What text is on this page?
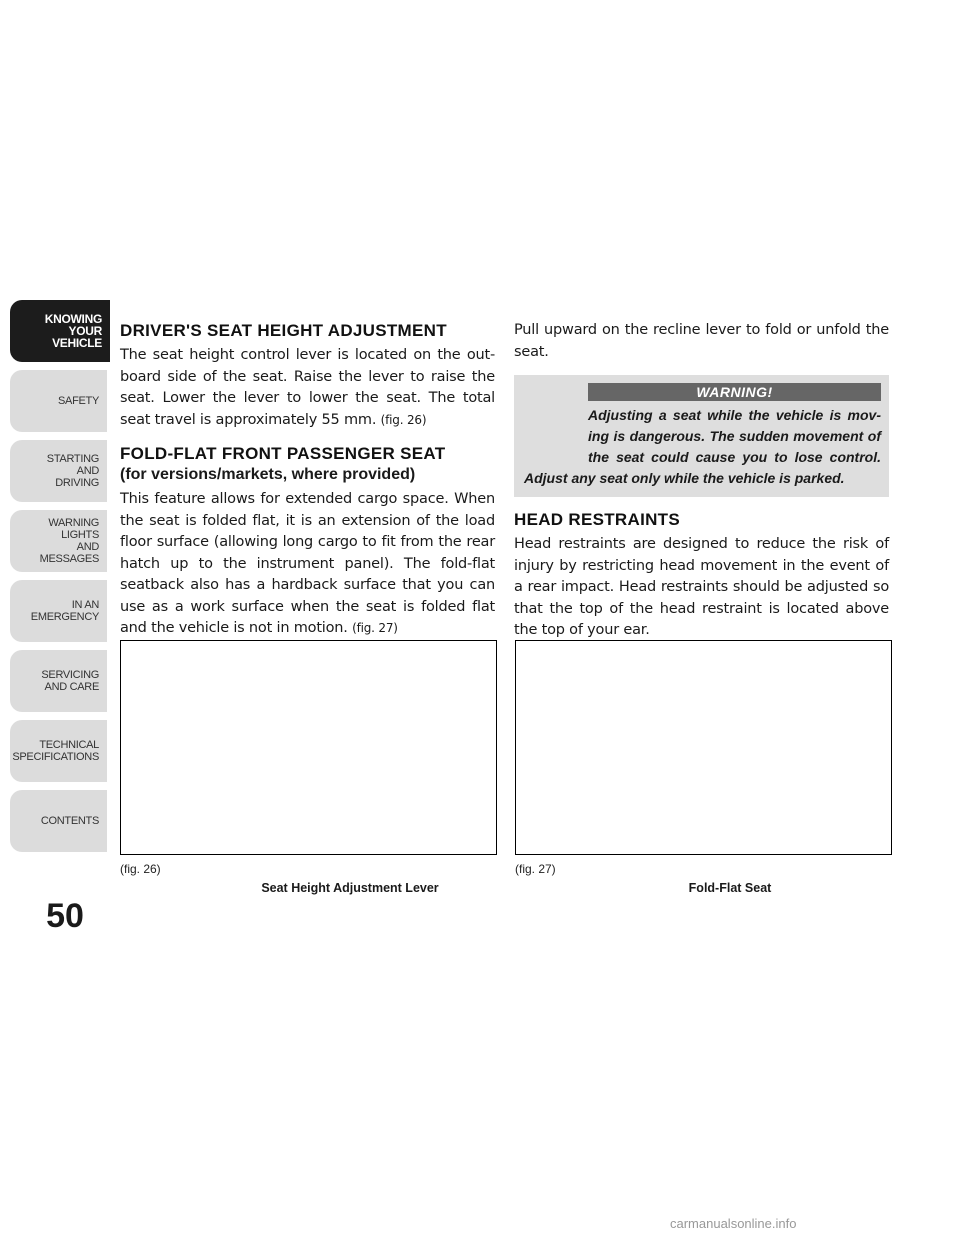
KNOWING
YOUR
VEHICLE
SAFETY
STARTING
AND
DRIVING
WARNING
LIGHTS
AND
MESSAGES
IN AN
EMERGENCY
SERVICING
AND CARE
TECHNICAL
SPECIFICATIONS
CONTENTS
50
DRIVER'S SEAT HEIGHT ADJUSTMENT

The seat height control lever is located on the out-board side of the seat. Raise the lever to raise the seat. Lower the lever to lower the seat. The total seat travel is approximately 55 mm. (fig. 26)

FOLD-FLAT FRONT PASSENGER SEAT
(for versions/markets, where provided)

This feature allows for extended cargo space. When the seat is folded flat, it is an extension of the load floor surface (allowing long cargo to fit from the rear hatch up to the instrument panel). The fold-flat seatback also has a hardback surface that you can use as a work surface when the seat is folded flat and the vehicle is not in motion. (fig. 27)

Pull upward on the recline lever to fold or unfold the seat.

WARNING!
Adjusting a seat while the vehicle is mov-ing is dangerous. The sudden movement of the seat could cause you to lose control. Adjust any seat only while the vehicle is parked.
HEAD RESTRAINTS

Head restraints are designed to reduce the risk of injury by restricting head movement in the event of a rear impact. Head restraints should be adjusted so that the top of the head restraint is located above the top of your ear.

(fig. 26)
Seat Height Adjustment Lever
(fig. 27)
Fold-Flat Seat
carmanualsonline.info
